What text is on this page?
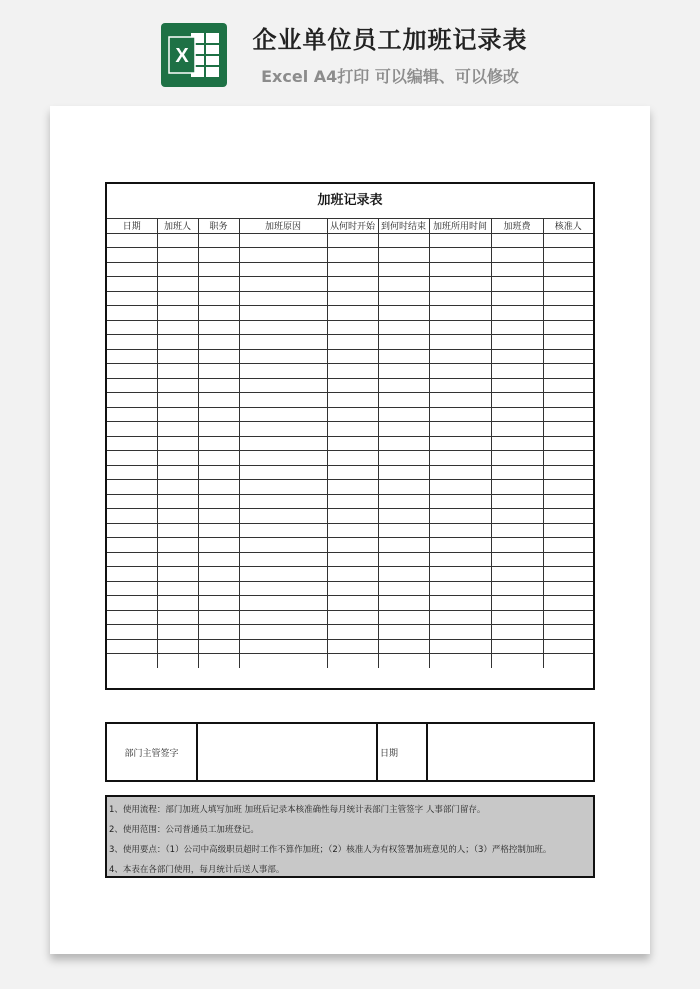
X
企业单位员工加班记录表
Excel A4打印 可以编辑、可以修改
加班记录表
日期	加班人	职务	加班原因	从何时开始	到何时结束	加班所用时间	加班费	核准人

部门主管签字	日期
1、使用流程：部门加班人填写加班 加班后记录本核准确性每月统计表部门主管签字 人事部门留存。
2、使用范围：公司普通员工加班登记。
3、使用要点：（1）公司中高级职员超时工作不算作加班；（2）核准人为有权签署加班意见的人；（3）严格控制加班。
4、本表在各部门使用，每月统计后送人事部。
